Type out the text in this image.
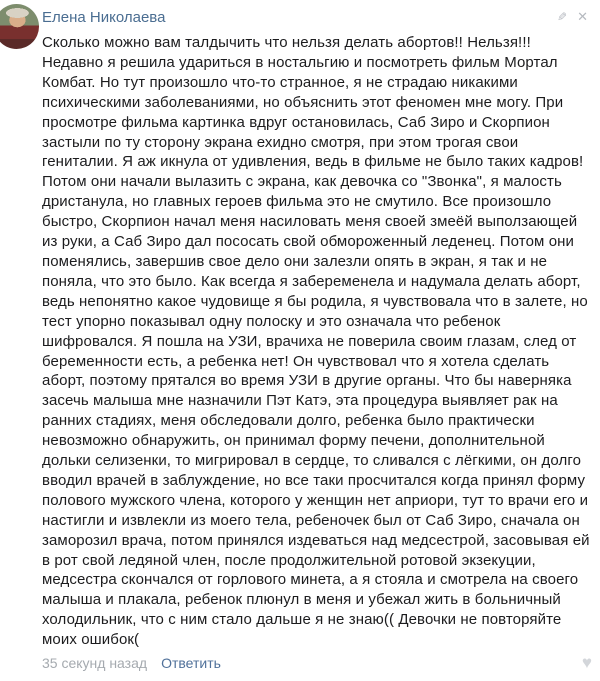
Елена Николаева	✎ ✕
Сколько можно вам талдычить что нельзя делать абортов!! Нельзя!!! Недавно я решила удариться в ностальгию и посмотреть фильм Мортал Комбат. Но тут произошло что-то странное, я не страдаю никакими психическими заболеваниями, но объяснить этот феномен мне могу. При просмотре фильма картинка вдруг остановилась, Саб Зиро и Скорпион застыли по ту сторону экрана ехидно смотря, при этом трогая свои гениталии. Я аж икнула от удивления, ведь в фильме не было таких кадров! Потом они начали вылазить с экрана, как девочка со "Звонка", я малость дристанула, но главных героев фильма это не смутило. Все произошло быстро, Скорпион начал меня насиловать меня своей змеёй выползающей из руки, а Саб Зиро дал пососать свой обмороженный леденец. Потом они поменялись, завершив свое дело они залезли опять в экран, я так и не поняла, что это было. Как всегда я забеременела и надумала делать аборт, ведь непонятно какое чудовище я бы родила, я чувствовала что в залете, но тест упорно показывал одну полоску и это означала что ребенок шифровался. Я пошла на УЗИ, врачиха не поверила своим глазам, след от беременности есть, а ребенка нет! Он чувствовал что я хотела сделать аборт, поэтому прятался во время УЗИ в другие органы. Что бы наверняка засечь малыша мне назначили Пэт Катэ, эта процедура выявляет рак на ранних стадиях, меня обследовали долго, ребенка было практически невозможно обнаружить, он принимал форму печени, дополнительной дольки селизенки, то мигрировал в сердце, то сливался с лёгкими, он долго вводил врачей в заблуждение, но все таки просчитался когда принял форму полового мужского члена, которого у женщин нет априори, тут то врачи его и настигли и извлекли из моего тела, ребеночек был от Саб Зиро, сначала он заморозил врача, потом принялся издеваться над медсестрой, засовывая ей в рот свой ледяной член, после продолжительной ротовой экзекуции, медсестра скончался от горлового минета, а я стояла и смотрела на своего малыша и плакала, ребенок плюнул в меня и убежал жить в больничный холодильник, что с ним стало дальше я не знаю(( Девочки не повторяйте моих ошибок(
35 секунд назад Ответить	♥
